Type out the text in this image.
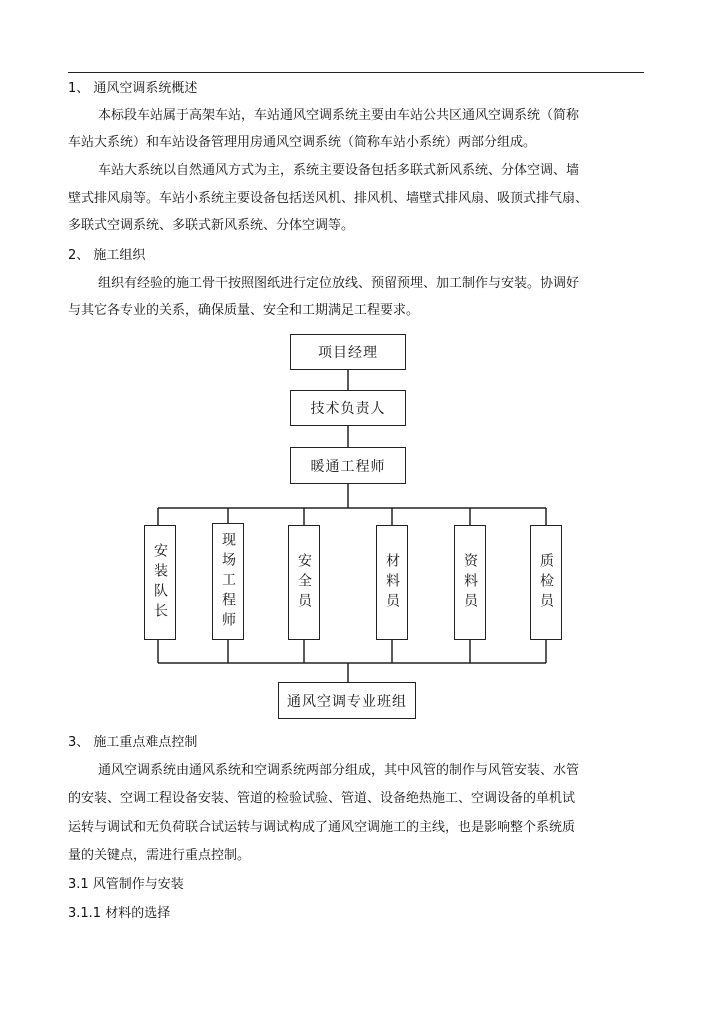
1、 通风空调系统概述
本标段车站属于高架车站，车站通风空调系统主要由车站公共区通风空调系统（简称
车站大系统）和车站设备管理用房通风空调系统（简称车站小系统）两部分组成。
车站大系统以自然通风方式为主，系统主要设备包括多联式新风系统、分体空调、墙
壁式排风扇等。车站小系统主要设备包括送风机、排风机、墙壁式排风扇、吸顶式排气扇、
多联式空调系统、多联式新风系统、分体空调等。
2、 施工组织
组织有经验的施工骨干按照图纸进行定位放线、预留预埋、加工制作与安装。协调好
与其它各专业的关系，确保质量、安全和工期满足工程要求。
项目经理
技术负责人
暖通工程师
安装队长	现场工程师	安全员	材料员	资料员	质检员
通风空调专业班组
3、 施工重点难点控制
通风空调系统由通风系统和空调系统两部分组成，其中风管的制作与风管安装、水管
的安装、空调工程设备安装、管道的检验试验、管道、设备绝热施工、空调设备的单机试
运转与调试和无负荷联合试运转与调试构成了通风空调施工的主线，也是影响整个系统质
量的关键点，需进行重点控制。
3.1 风管制作与安装
3.1.1 材料的选择
